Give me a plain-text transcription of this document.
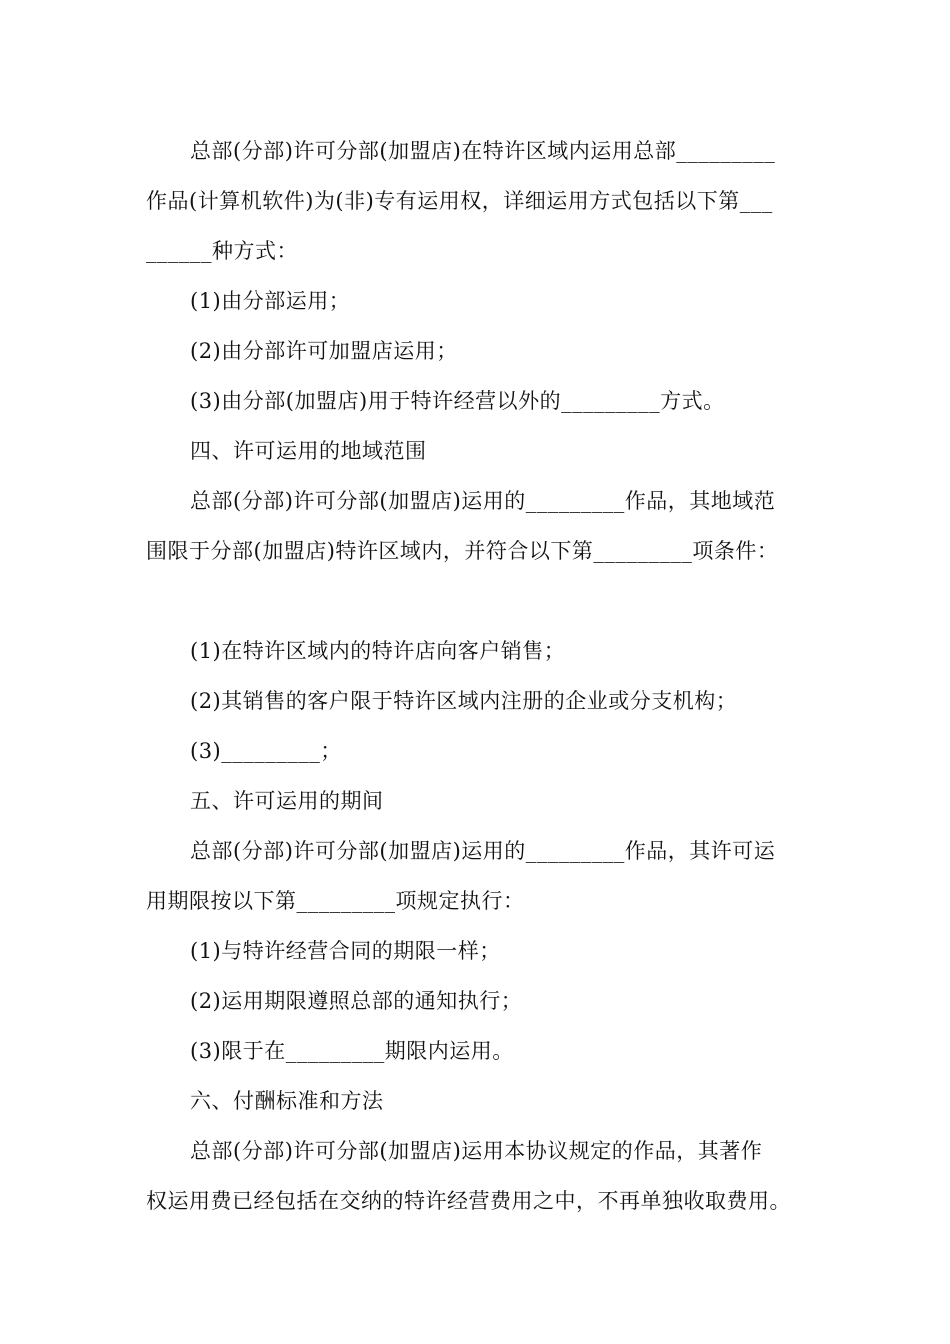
总部(分部)许可分部(加盟店)在特许区域内运用总部_________
作品(计算机软件)为(非)专有运用权，详细运用方式包括以下第___
______种方式：
(1)由分部运用；
(2)由分部许可加盟店运用；
(3)由分部(加盟店)用于特许经营以外的_________方式。
四、许可运用的地域范围
总部(分部)许可分部(加盟店)运用的_________作品，其地域范
围限于分部(加盟店)特许区域内，并符合以下第_________项条件：
(1)在特许区域内的特许店向客户销售；
(2)其销售的客户限于特许区域内注册的企业或分支机构；
(3)_________；
五、许可运用的期间
总部(分部)许可分部(加盟店)运用的_________作品，其许可运
用期限按以下第_________项规定执行：
(1)与特许经营合同的期限一样；
(2)运用期限遵照总部的通知执行；
(3)限于在_________期限内运用。
六、付酬标准和方法
总部(分部)许可分部(加盟店)运用本协议规定的作品，其著作
权运用费已经包括在交纳的特许经营费用之中，不再单独收取费用。
